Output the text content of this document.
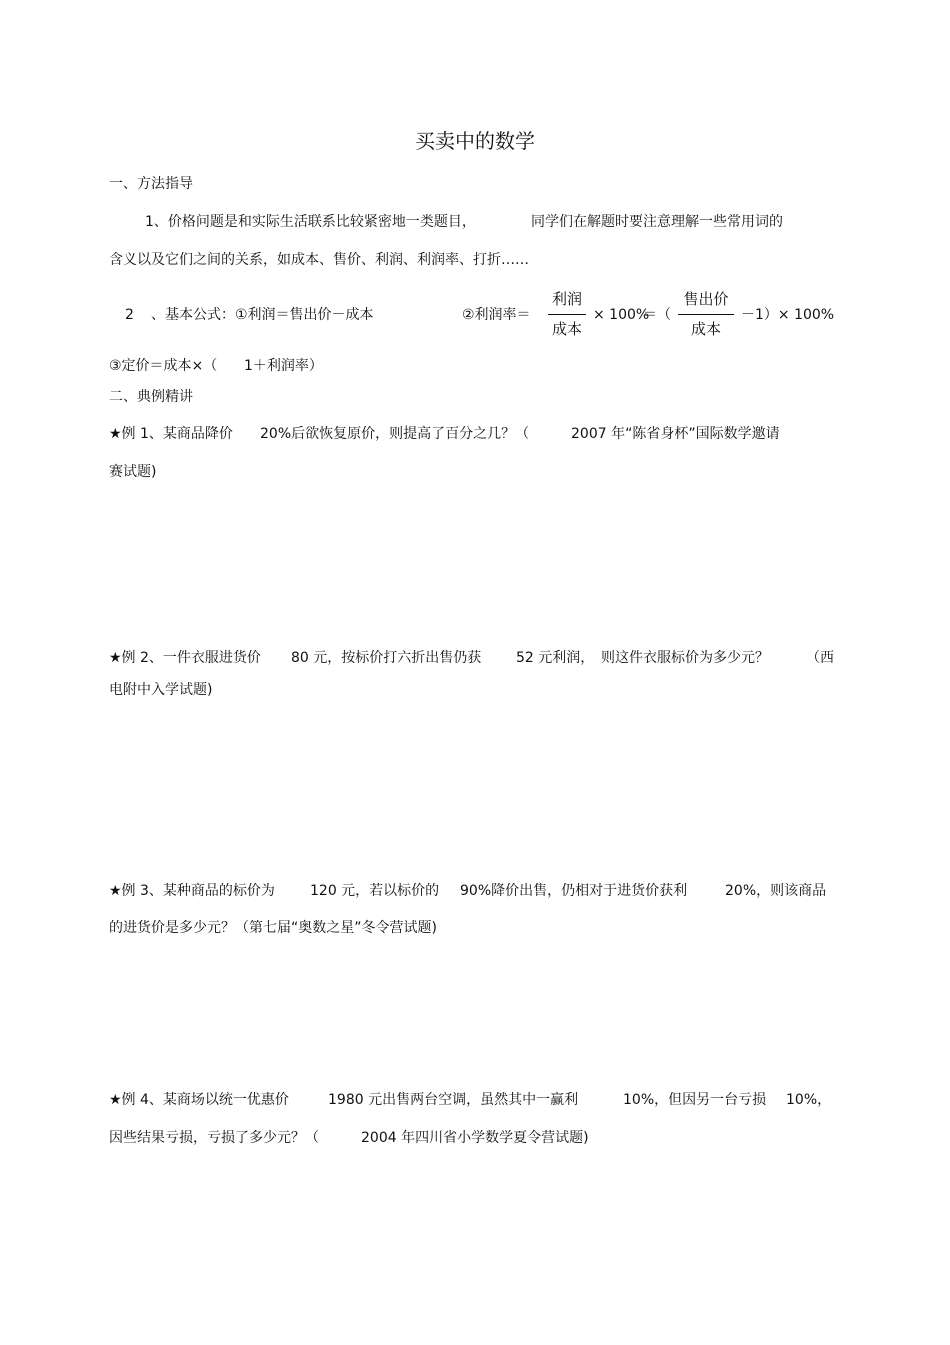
买卖中的数学
一、方法指导
1、价格问题是和实际生活联系比较紧密地一类题目，	同学们在解题时要注意理解一些常用词的
含义以及它们之间的关系，如成本、售价、利润、利润率、打折……
2 、基本公式：①利润＝售出价－成本	②利润率＝
利润
成本
× 100%
＝（
售出价
成本
－1）× 100%
③定价＝成本×（ 1＋利润率）
二、典例精讲
★例 1、某商品降价 20%后欲恢复原价，则提高了百分之几？（	2007 年“陈省身杯”国际数学邀请
赛试题)
★例 2、一件衣服进货价 80 元，按标价打六折出售仍获 52 元利润， 则这件衣服标价为多少元？	（西
电附中入学试题)
★例 3、某种商品的标价为	120 元，若以标价的 90%降价出售，仍相对于进货价获利	20%，则该商品
的进货价是多少元？（第七届“奥数之星”冬令营试题)
★例 4、某商场以统一优惠价	1980 元出售两台空调，虽然其中一赢利	10%，但因另一台亏损 10%，
因些结果亏损，亏损了多少元？（	2004 年四川省小学数学夏令营试题)
